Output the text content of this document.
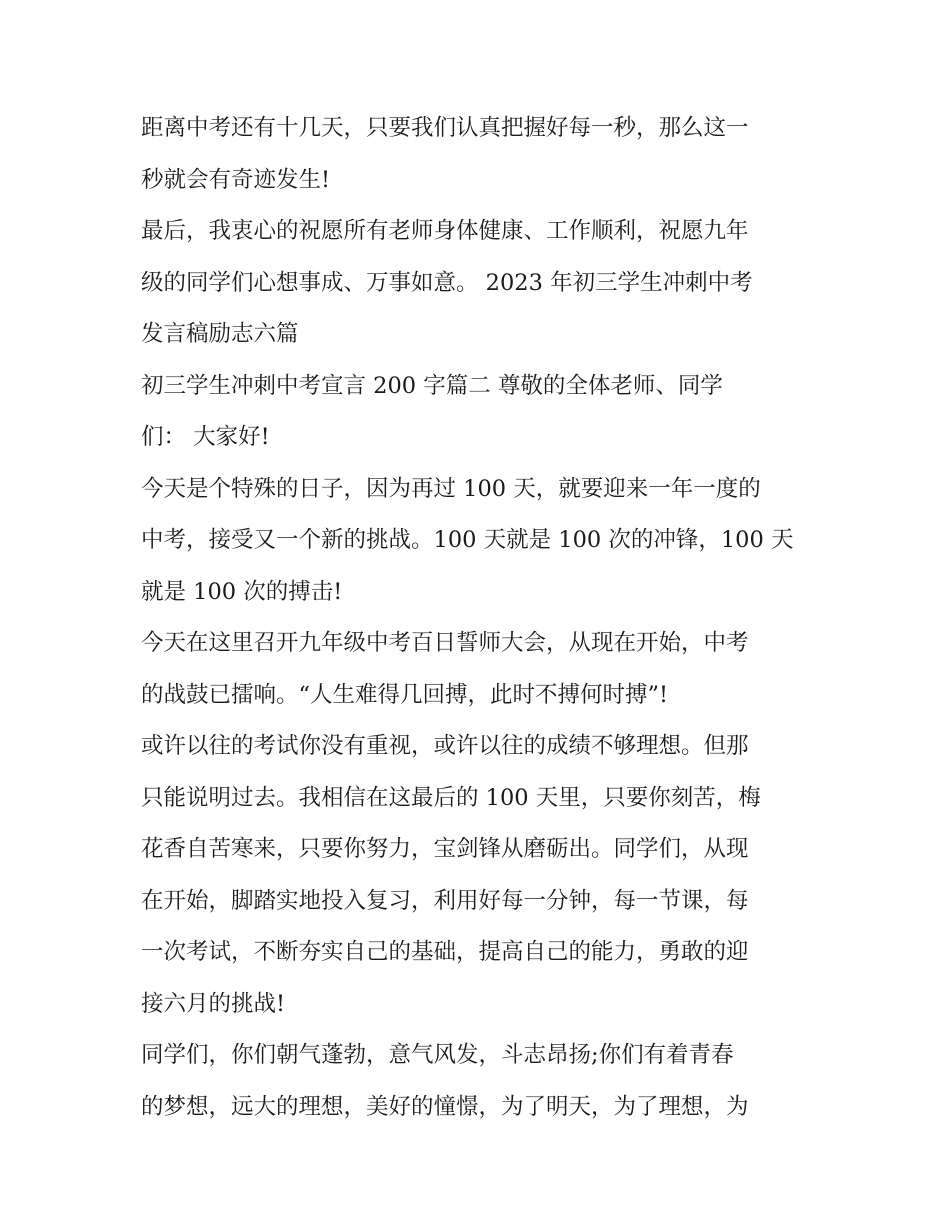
距离中考还有十几天，只要我们认真把握好每一秒，那么这一
秒就会有奇迹发生!
最后，我衷心的祝愿所有老师身体健康、工作顺利，祝愿九年
级的同学们心想事成、万事如意。 2023 年初三学生冲刺中考
发言稿励志六篇
初三学生冲刺中考宣言 200 字篇二 尊敬的全体老师、同学
们： 大家好!
今天是个特殊的日子，因为再过 100 天，就要迎来一年一度的
中考，接受又一个新的挑战。100 天就是 100 次的冲锋，100 天
就是 100 次的搏击!
今天在这里召开九年级中考百日誓师大会，从现在开始，中考
的战鼓已擂响。“人生难得几回搏，此时不搏何时搏”!
或许以往的考试你没有重视，或许以往的成绩不够理想。但那
只能说明过去。我相信在这最后的 100 天里，只要你刻苦，梅
花香自苦寒来，只要你努力，宝剑锋从磨砺出。同学们，从现
在开始，脚踏实地投入复习，利用好每一分钟，每一节课，每
一次考试，不断夯实自己的基础，提高自己的能力，勇敢的迎
接六月的挑战!
同学们，你们朝气蓬勃，意气风发，斗志昂扬;你们有着青春
的梦想，远大的理想，美好的憧憬，为了明天，为了理想，为
